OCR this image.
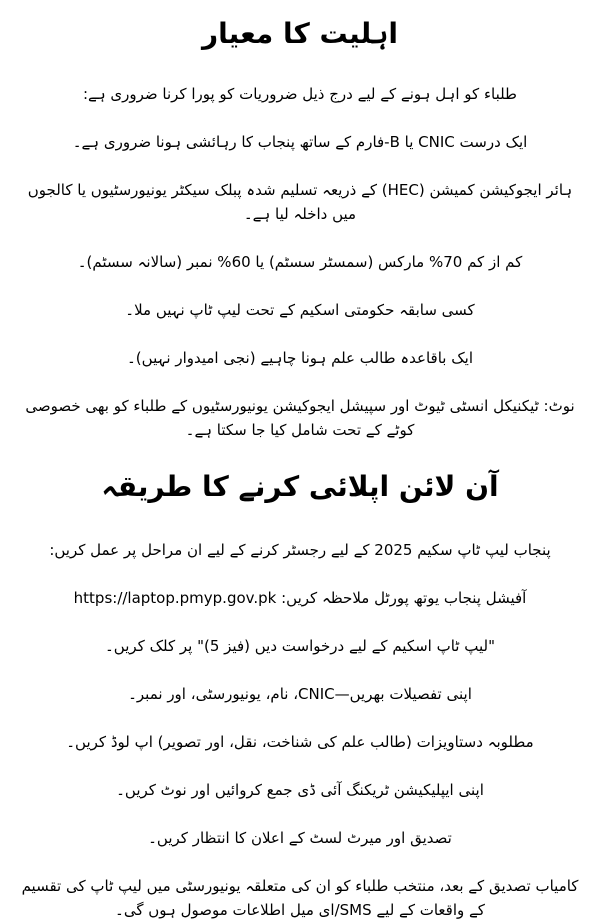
اہلیت کا معیار

طلباء کو اہل ہونے کے لیے درج ذیل ضروریات کو پورا کرنا ضروری ہے:

ایک درست CNIC یا B-فارم کے ساتھ پنجاب کا رہائشی ہونا ضروری ہے۔

ہائر ایجوکیشن کمیشن (HEC) کے ذریعہ تسلیم شدہ پبلک سیکٹر یونیورسٹیوں یا کالجوں میں داخلہ لیا ہے۔

کم از کم 70% مارکس (سمسٹر سسٹم) یا 60% نمبر (سالانہ سسٹم)۔

کسی سابقہ حکومتی اسکیم کے تحت لیپ ٹاپ نہیں ملا۔

ایک باقاعدہ طالب علم ہونا چاہیے (نجی امیدوار نہیں)۔

نوٹ: ٹیکنیکل انسٹی ٹیوٹ اور سپیشل ایجوکیشن یونیورسٹیوں کے طلباء کو بھی خصوصی کوٹے کے تحت شامل کیا جا سکتا ہے۔

آن لائن اپلائی کرنے کا طریقہ

پنجاب لیپ ٹاپ سکیم 2025 کے لیے رجسٹر کرنے کے لیے ان مراحل پر عمل کریں:

آفیشل پنجاب یوتھ پورٹل ملاحظہ کریں: https://laptop.pmyp.gov.pk

"لیپ ٹاپ اسکیم کے لیے درخواست دیں (فیز 5)" پر کلک کریں۔

اپنی تفصیلات بھریں—CNIC، نام، یونیورسٹی، اور نمبر۔

مطلوبہ دستاویزات (طالب علم کی شناخت، نقل، اور تصویر) اپ لوڈ کریں۔

اپنی ایپلیکیشن ٹریکنگ آئی ڈی جمع کروائیں اور نوٹ کریں۔

تصدیق اور میرٹ لسٹ کے اعلان کا انتظار کریں۔

کامیاب تصدیق کے بعد، منتخب طلباء کو ان کی متعلقہ یونیورسٹی میں لیپ ٹاپ کی تقسیم کے واقعات کے لیے SMS/ای میل اطلاعات موصول ہوں گی۔
